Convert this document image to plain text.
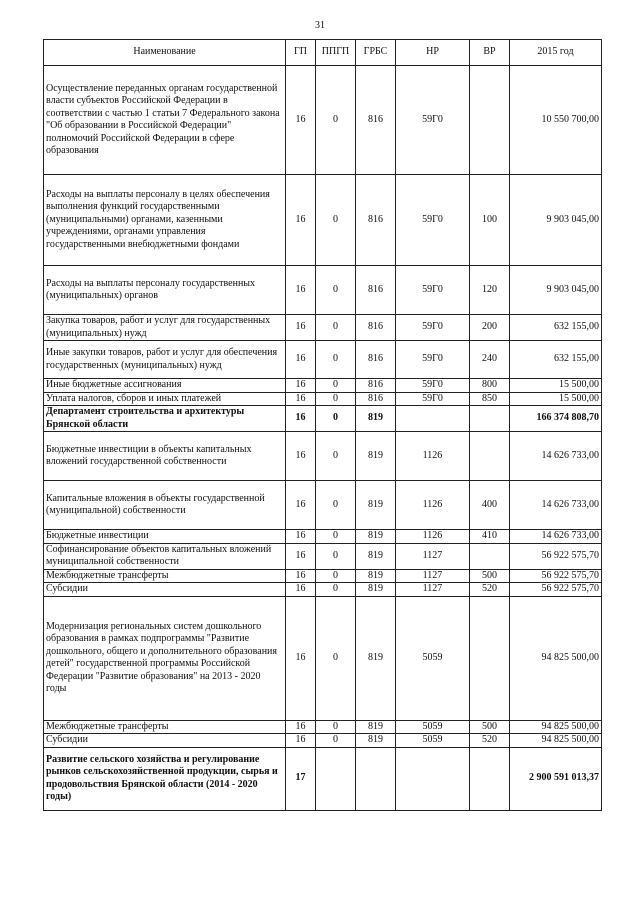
31
Наименование	ГП	ППГП	ГРБС	НР	ВР	2015 год
Осуществление переданных органам государственной власти субъектов Российской Федерации в соответствии с частью 1 статьи 7 Федерального закона "Об образовании в Российской Федерации" полномочий Российской Федерации в сфере образования	16	0	816	59Г0		10 550 700,00
Расходы на выплаты персоналу в целях обеспечения выполнения функций государственными (муниципальными) органами, казенными учреждениями, органами управления государственными внебюджетными фондами	16	0	816	59Г0	100	9 903 045,00
Расходы на выплаты персоналу государственных (муниципальных) органов	16	0	816	59Г0	120	9 903 045,00
Закупка товаров, работ и услуг для государственных (муниципальных) нужд	16	0	816	59Г0	200	632 155,00
Иные закупки товаров, работ и услуг для обеспечения государственных (муниципальных) нужд	16	0	816	59Г0	240	632 155,00
Иные бюджетные ассигнования	16	0	816	59Г0	800	15 500,00
Уплата налогов, сборов и иных платежей	16	0	816	59Г0	850	15 500,00
Департамент строительства и архитектуры Брянской области	16	0	819			166 374 808,70
Бюджетные инвестиции в объекты капитальных вложений государственной собственности	16	0	819	1126		14 626 733,00
Капитальные вложения в объекты государственной (муниципальной) собственности	16	0	819	1126	400	14 626 733,00
Бюджетные инвестиции	16	0	819	1126	410	14 626 733,00
Софинансирование объектов капитальных вложений муниципальной собственности	16	0	819	1127		56 922 575,70
Межбюджетные трансферты	16	0	819	1127	500	56 922 575,70
Субсидии	16	0	819	1127	520	56 922 575,70
Модернизация региональных систем дошкольного образования в рамках подпрограммы "Развитие дошкольного, общего и дополнительного образования детей" государственной программы Российской Федерации "Развитие образования" на 2013 - 2020 годы	16	0	819	5059		94 825 500,00
Межбюджетные трансферты	16	0	819	5059	500	94 825 500,00
Субсидии	16	0	819	5059	520	94 825 500,00
Развитие сельского хозяйства и регулирование рынков сельскохозяйственной продукции, сырья и продовольствия Брянской области (2014 - 2020 годы)	17					2 900 591 013,37
